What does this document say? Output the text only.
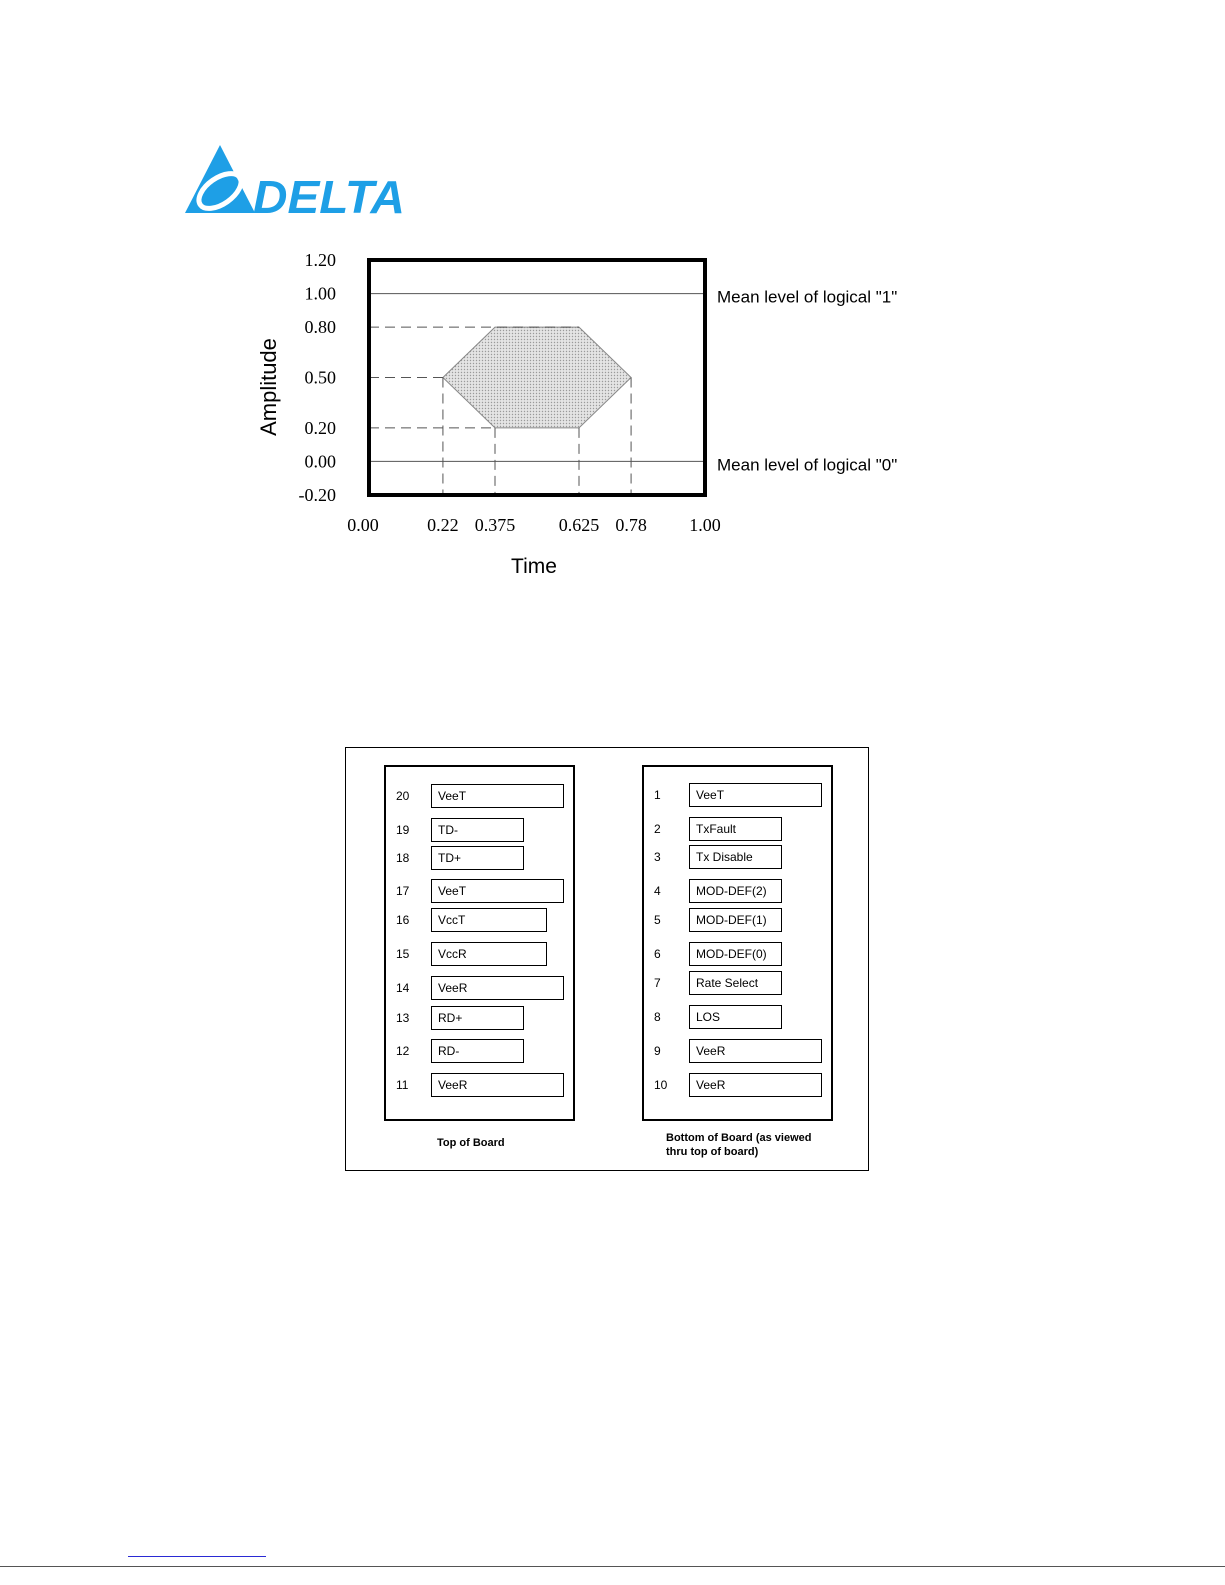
DELTA
1.20
1.00
0.80
0.50
0.20
0.00
-0.20
0.00	0.22 0.375 0.625 0.78 1.00
Amplitude
Time
Mean level of logical "1"
Mean level of logical "0"
20	VeeT
19	TD-
18	TD+
17	VeeT
16	VccT
15	VccR
14	VeeR
13	RD+
12	RD-
11	VeeR
1	VeeT
2	TxFault
3	Tx Disable
4	MOD-DEF(2)
5	MOD-DEF(1)
6	MOD-DEF(0)
7	Rate Select
8	LOS
9	VeeR
10	VeeR
Top of Board	Bottom of Board (as viewed
thru top of board)
